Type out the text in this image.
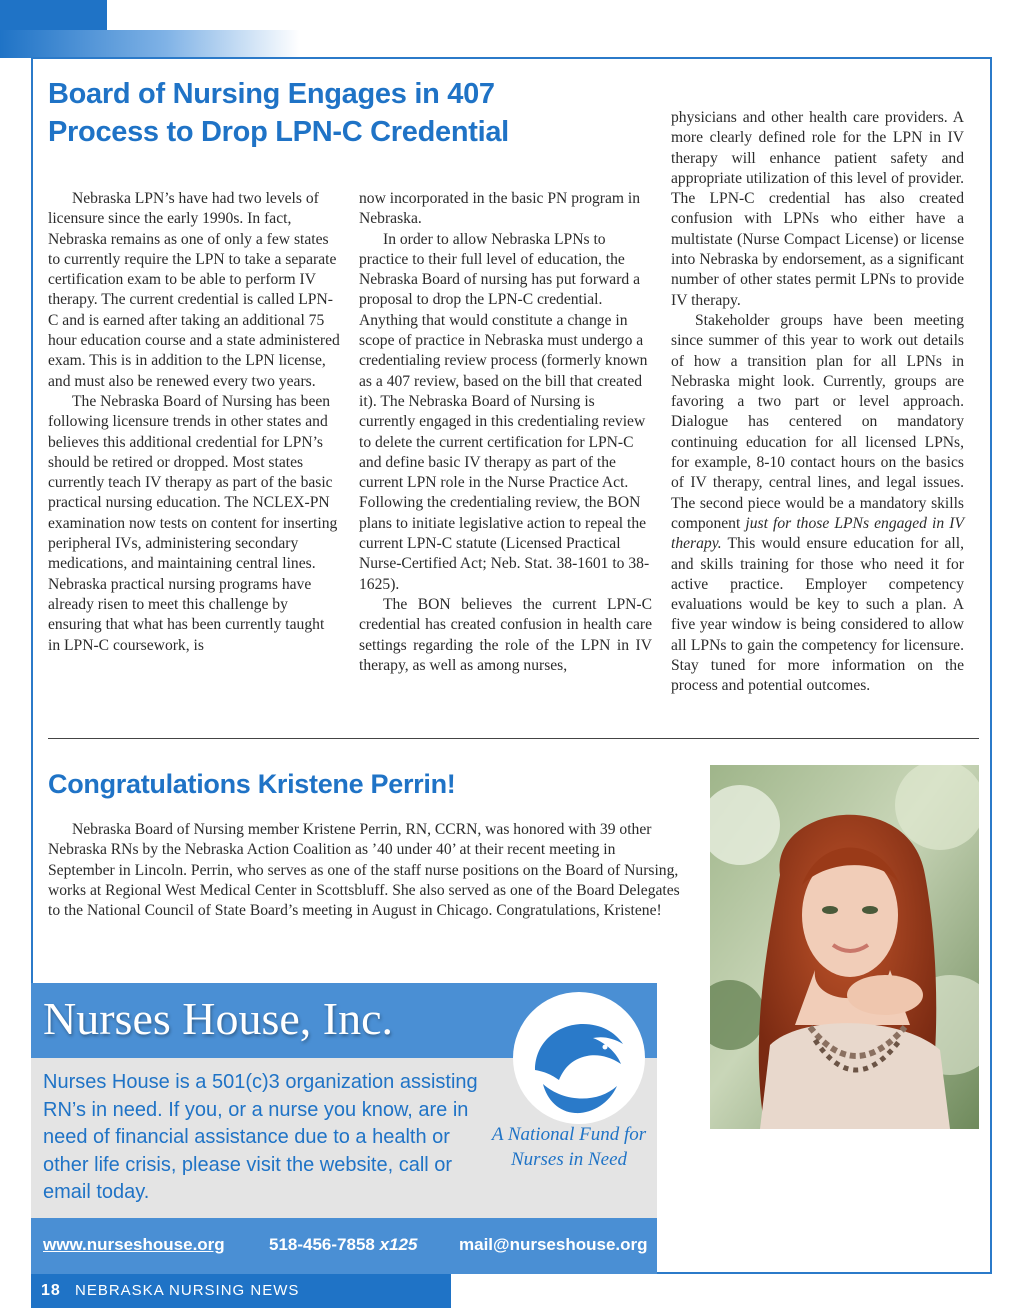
Board of Nursing Engages in 407 Process to Drop LPN-C Credential

Nebraska LPN’s have had two levels of licensure since the early 1990s. In fact, Nebraska remains as one of only a few states to currently require the LPN to take a separate certification exam to be able to perform IV therapy. The current credential is called LPN-C and is earned after taking an additional 75 hour education course and a state administered exam. This is in addition to the LPN license, and must also be renewed every two years.

The Nebraska Board of Nursing has been following licensure trends in other states and believes this additional credential for LPN’s should be retired or dropped. Most states currently teach IV therapy as part of the basic practical nursing education. The NCLEX-PN examination now tests on content for inserting peripheral IVs, administering secondary medications, and maintaining central lines. Nebraska practical nursing programs have already risen to meet this challenge by ensuring that what has been currently taught in LPN-C coursework, is

now incorporated in the basic PN program in Nebraska.

In order to allow Nebraska LPNs to practice to their full level of education, the Nebraska Board of nursing has put forward a proposal to drop the LPN-C credential. Anything that would constitute a change in scope of practice in Nebraska must undergo a credentialing review process (formerly known as a 407 review, based on the bill that created it). The Nebraska Board of Nursing is currently engaged in this credentialing review to delete the current certification for LPN-C and define basic IV therapy as part of the current LPN role in the Nurse Practice Act. Following the credentialing review, the BON plans to initiate legislative action to repeal the current LPN-C statute (Licensed Practical Nurse-Certified Act; Neb. Stat. 38-1601 to 38-1625).

The BON believes the current LPN-C credential has created confusion in health care settings regarding the role of the LPN in IV therapy, as well as among nurses,

physicians and other health care providers. A more clearly defined role for the LPN in IV therapy will enhance patient safety and appropriate utilization of this level of provider. The LPN-C credential has also created confusion with LPNs who either have a multistate (Nurse Compact License) or license into Nebraska by endorsement, as a significant number of other states permit LPNs to provide IV therapy.

Stakeholder groups have been meeting since summer of this year to work out details of how a transition plan for all LPNs in Nebraska might look. Currently, groups are favoring a two part or level approach. Dialogue has centered on mandatory continuing education for all licensed LPNs, for example, 8-10 contact hours on the basics of IV therapy, central lines, and legal issues. The second piece would be a mandatory skills component just for those LPNs engaged in IV therapy. This would ensure education for all, and skills training for those who need it for active practice. Employer competency evaluations would be key to such a plan. A five year window is being considered to allow all LPNs to gain the competency for licensure. Stay tuned for more information on the process and potential outcomes.

Congratulations Kristene Perrin!

Nebraska Board of Nursing member Kristene Perrin, RN, CCRN, was honored with 39 other Nebraska RNs by the Nebraska Action Coalition as ’40 under 40’ at their recent meeting in September in Lincoln. Perrin, who serves as one of the staff nurse positions on the Board of Nursing, works at Regional West Medical Center in Scottsbluff. She also served as one of the Board Delegates to the National Council of State Board’s meeting in August in Chicago. Congratulations, Kristene!

Nurses House, Inc.
Nurses House is a 501(c)3 organization assisting RN’s in need. If you, or a nurse you know, are in need of financial assistance due to a health or other life crisis, please visit the website, call or email today.
A National Fund for Nurses in Need
www.nurseshouse.org	518-456-7858 x125 mail@nurseshouse.org
18 NEBRASKA NURSING NEWS
